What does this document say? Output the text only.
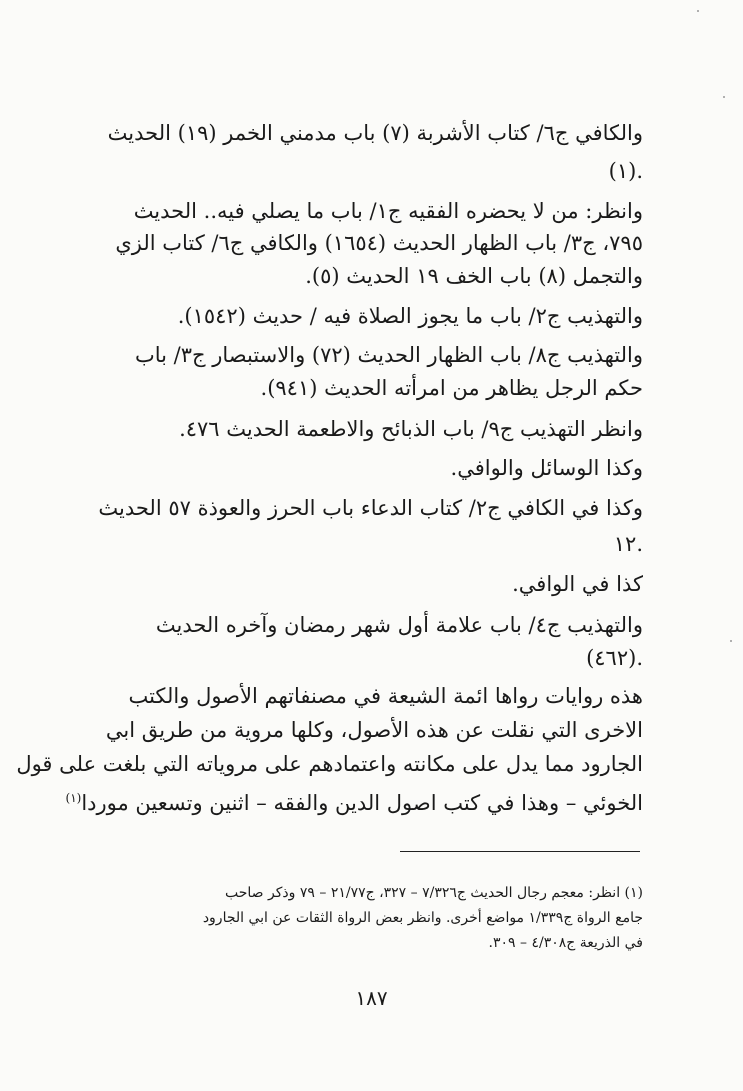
والكافي ج٦/ كتاب الأشربة (٧) باب مدمني الخمر (١٩) الحديث
.(١)
وانظر: من لا يحضره الفقيه ج١/ باب ما يصلي فيه.. الحديث
٧٩٥، ج٣/ باب الظهار الحديث (١٦٥٤) والكافي ج٦/ كتاب الزي
والتجمل (٨) باب الخف ١٩ الحديث (٥).
والتهذيب ج٢/ باب ما يجوز الصلاة فيه / حديث (١٥٤٢).
والتهذيب ج٨/ باب الظهار الحديث (٧٢) والاستبصار ج٣/ باب
حكم الرجل يظاهر من امرأته الحديث (٩٤١).
وانظر التهذيب ج٩/ باب الذبائح والاطعمة الحديث ٤٧٦.
وكذا الوسائل والوافي.
وكذا في الكافي ج٢/ كتاب الدعاء باب الحرز والعوذة ٥٧ الحديث
.١٢
كذا في الوافي.
والتهذيب ج٤/ باب علامة أول شهر رمضان وآخره الحديث
.(٤٦٢)
هذه روايات رواها ائمة الشيعة في مصنفاتهم الأصول والكتب
الاخرى التي نقلت عن هذه الأصول، وكلها مروية من طريق ابي
الجارود مما يدل على مكانته واعتمادهم على مروياته التي بلغت على قول
الخوئي – وهذا في كتب اصول الدين والفقه – اثنين وتسعين موردا$^{(١)}$
(١) انظر: معجم رجال الحديث ج٧/٣٢٦ – ٣٢٧، ج٢١/٧٧ – ٧٩ وذكر صاحب
جامع الرواة ج١/٣٣٩ مواضع أخرى. وانظر بعض الرواة الثقات عن ابي الجارود
في الذريعة ج٤/٣٠٨ – ٣٠٩.
١٨٧
